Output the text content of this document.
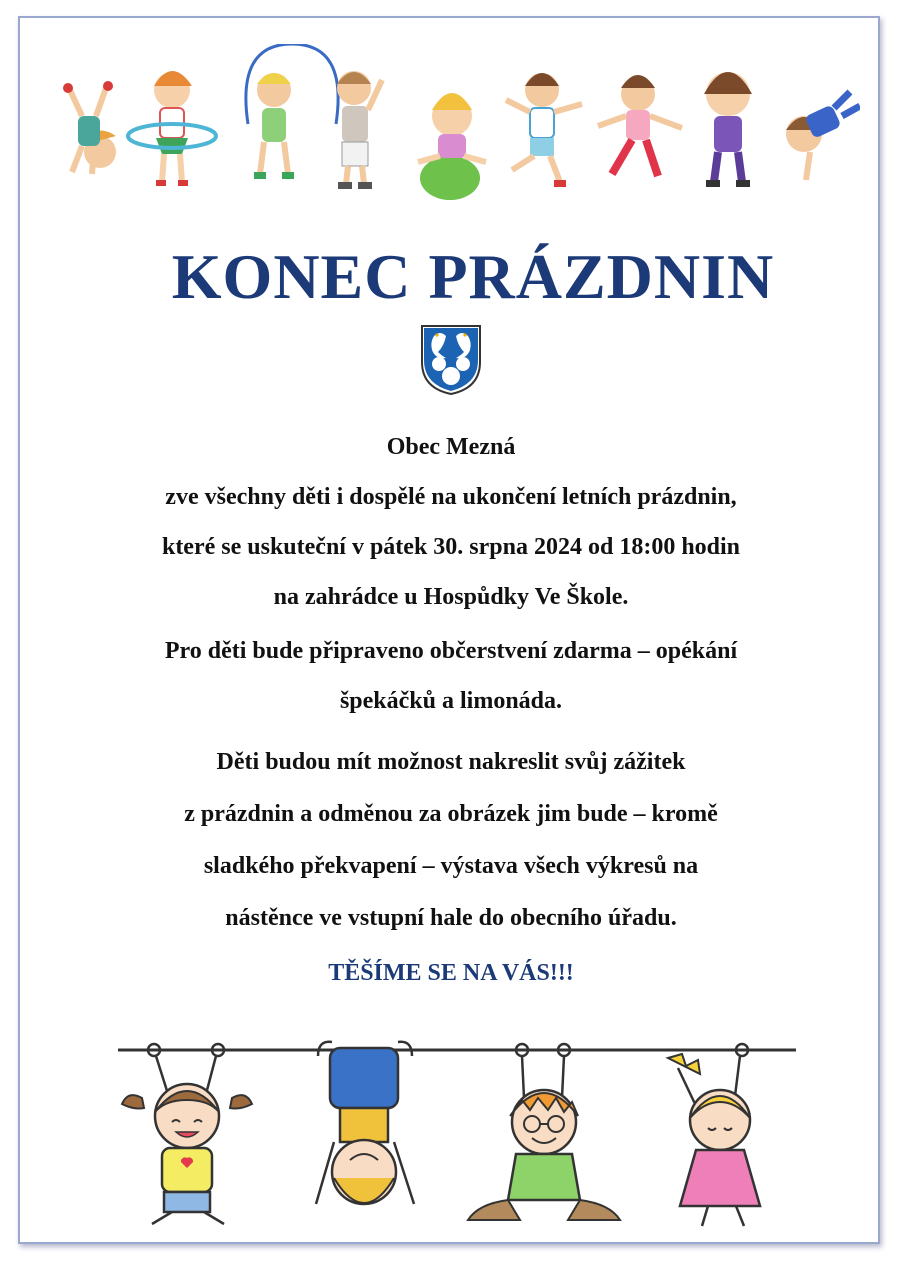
KONEC PRÁZDNIN
Obec Mezná
zve všechny děti i dospělé na ukončení letních prázdnin,
které se uskuteční v pátek 30. srpna 2024 od 18:00 hodin
na zahrádce u Hospůdky Ve Škole.
Pro děti bude připraveno občerstvení zdarma – opékání
špekáčků a limonáda.
Děti budou mít možnost nakreslit svůj zážitek
z prázdnin a odměnou za obrázek jim bude – kromě
sladkého překvapení – výstava všech výkresů na
nástěnce ve vstupní hale do obecního úřadu.
TĚŠÍME SE NA VÁS!!!
